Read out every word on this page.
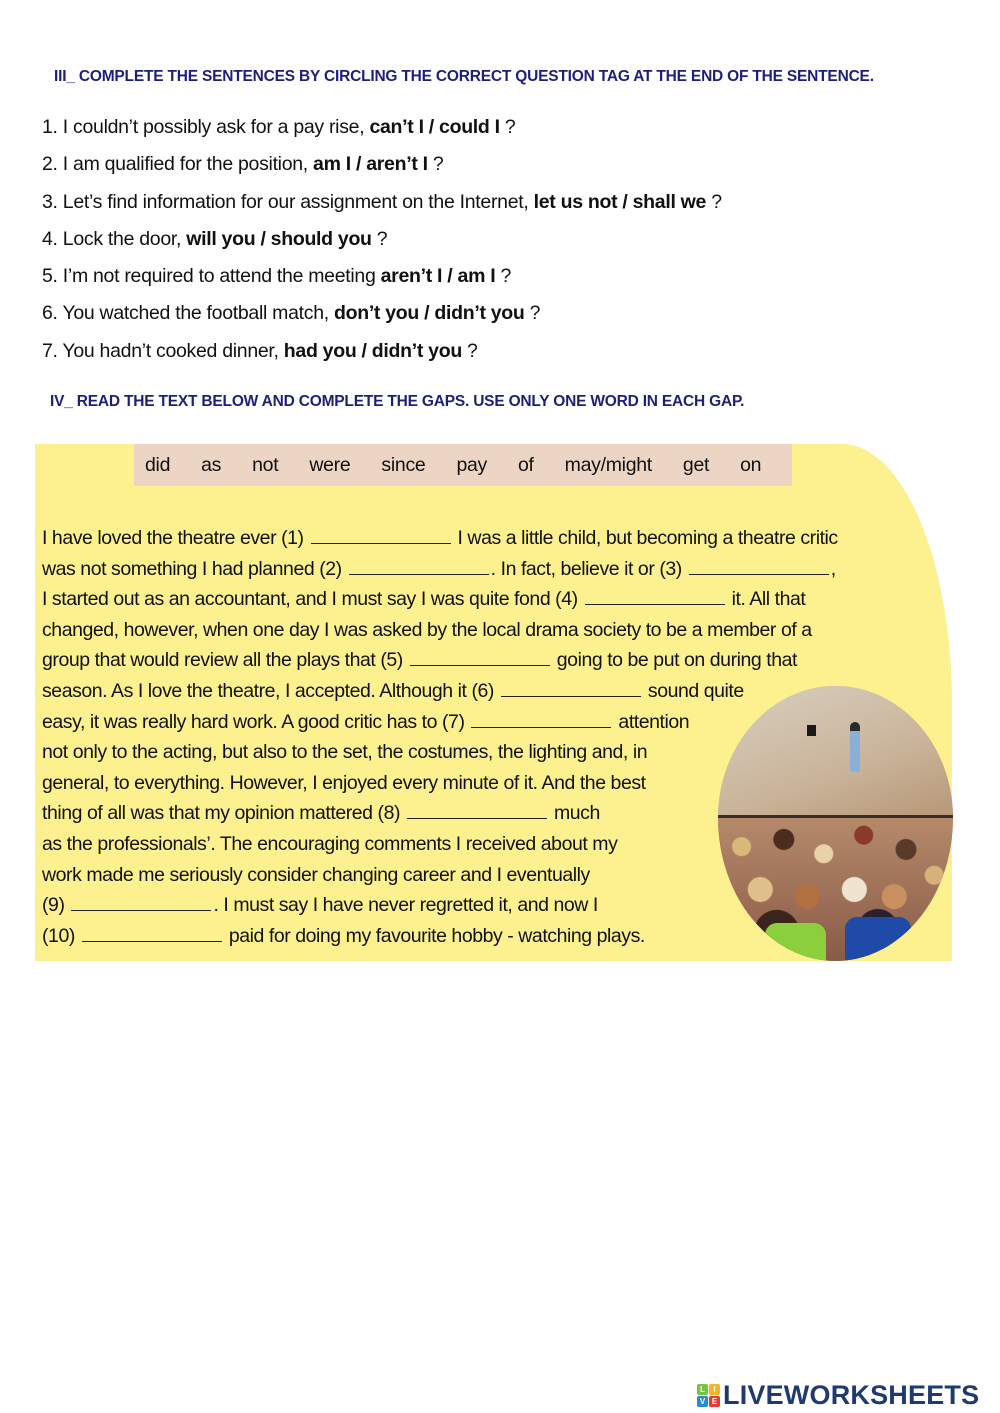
III_ COMPLETE THE SENTENCES BY CIRCLING THE CORRECT QUESTION TAG AT THE END OF THE SENTENCE.
1. I couldn’t possibly ask for a pay rise, can’t I / could I ?
2. I am qualified for the position, am I / aren’t I ?
3. Let’s find information for our assignment on the Internet, let us not / shall we ?
4. Lock the door, will you / should you ?
5. I’m not required to attend the meeting aren’t I / am I ?
6. You watched the football match, don’t you / didn’t you ?
7. You hadn’t cooked dinner, had you / didn’t you ?
IV_ READ THE TEXT BELOW AND COMPLETE THE GAPS. USE ONLY ONE WORD IN EACH GAP.
did as not were since pay of may/might get on
I have loved the theatre ever (1)	I was a little child, but becoming a theatre critic
was not something I had planned (2)	. In fact, believe it or (3)	,
I started out as an accountant, and I must say I was quite fond (4)	it. All that
changed, however, when one day I was asked by the local drama society to be a member of a
group that would review all the plays that (5)	going to be put on during that
season. As I love the theatre, I accepted. Although it (6)	sound quite
easy, it was really hard work. A good critic has to (7)	attention
not only to the acting, but also to the set, the costumes, the lighting and, in
general, to everything. However, I enjoyed every minute of it. And the best
thing of all was that my opinion mattered (8)	much
as the professionals’. The encouraging comments I received about my
work made me seriously consider changing career and I eventually
(9)	. I must say I have never regretted it, and now I
(10)	paid for doing my favourite hobby - watching plays.
L	I
V E LIVEWORKSHEETS
